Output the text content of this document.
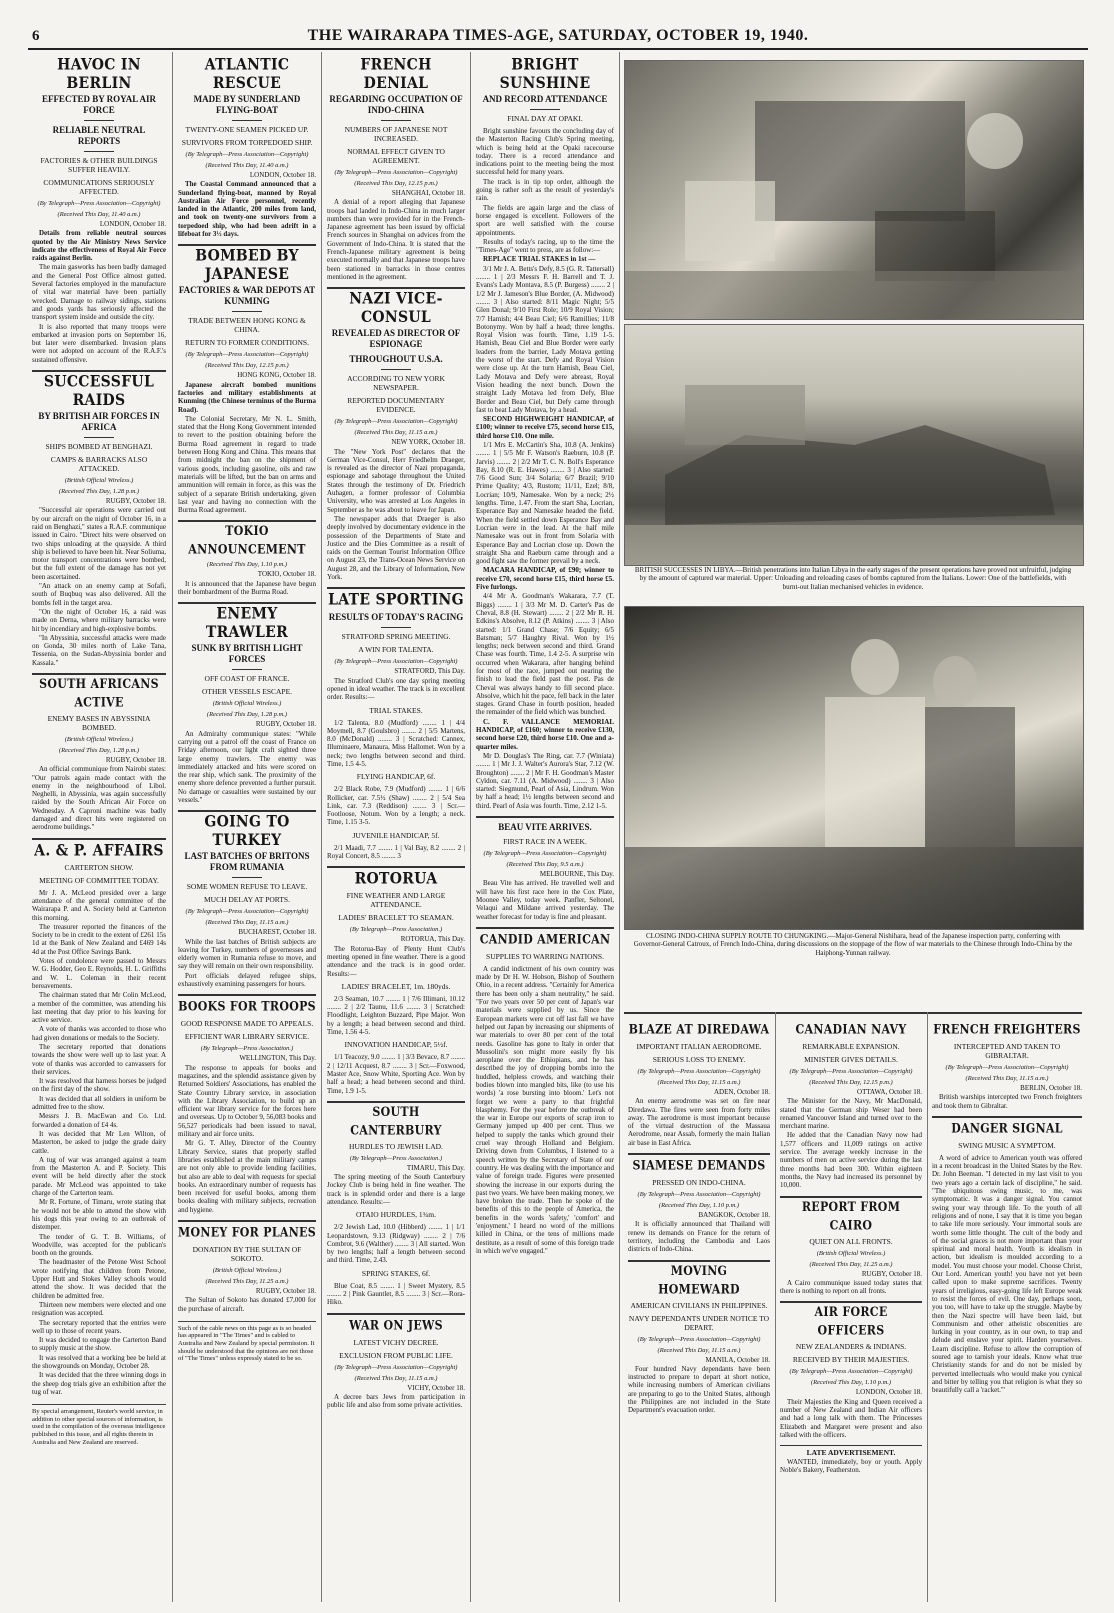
6	THE WAIRARAPA TIMES-AGE, SATURDAY, OCTOBER 19, 1940.
HAVOC IN BERLIN
EFFECTED BY ROYAL AIR FORCE
RELIABLE NEUTRAL REPORTS
FACTORIES & OTHER BUILDINGS SUFFER HEAVILY.
COMMUNICATIONS SERIOUSLY AFFECTED.
(By Telegraph—Press Association—Copyright)
(Received This Day, 11.40 a.m.)
LONDON, October 18.

Details from reliable neutral sources quoted by the Air Ministry News Service indicate the effectiveness of Royal Air Force raids against Berlin.

The main gasworks has been badly damaged and the General Post Office almost gutted. Several factories employed in the manufacture of vital war material have been partially wrecked. Damage to railway sidings, stations and goods yards has seriously affected the transport system inside and outside the city.

It is also reported that many troops were embarked at invasion ports on September 16, but later were disembarked. Invasion plans were not adopted on account of the R.A.F.'s sustained offensive.

SUCCESSFUL RAIDS
BY BRITISH AIR FORCES IN AFRICA
SHIPS BOMBED AT BENGHAZI.
CAMPS & BARRACKS ALSO ATTACKED.
(British Official Wireless.)
(Received This Day, 1.28 p.m.)
RUGBY, October 18.

"Successful air operations were carried out by our aircraft on the night of October 16, in a raid on Benghazi," states a R.A.F. communique issued in Cairo. "Direct hits were observed on two ships unloading at the quayside. A third ship is believed to have been hit. Near Soliuma, motor transport concentrations were bombed, but the full extent of the damage has not yet been ascertained.

"An attack on an enemy camp at Sofafi, south of Buqbuq was also delivered. All the bombs fell in the target area.

"On the night of October 16, a raid was made on Derna, where military barracks were hit by incendiary and high-explosive bombs.

"In Abyssinia, successful attacks were made on Gonda, 30 miles north of Lake Tana, Tessenia, on the Sudan-Abyssinia border and Kassala."

SOUTH AFRICANS ACTIVE
ENEMY BASES IN ABYSSINIA BOMBED.
(British Official Wireless.)
(Received This Day, 1.28 p.m.)
RUGBY, October 18.

An official communique from Nairobi states: "Our patrols again made contact with the enemy in the neighbourhood of Libol. Neghelli, in Abyssinia, was again successfully raided by the South African Air Force on Wednesday. A Caproni machine was badly damaged and direct hits were registered on aerodrome buildings."

A. & P. AFFAIRS
CARTERTON SHOW.
MEETING OF COMMITTEE TODAY.

Mr J. A. McLeod presided over a large attendance of the general committee of the Wairarapa P. and A. Society held at Carterton this morning.

The treasurer reported the finances of the Society to be in credit to the extent of £261 15s 1d at the Bank of New Zealand and £469 14s 4d at the Post Office Savings Bank.

Votes of condolence were passed to Messrs W. G. Hodder, Geo E. Reynolds, H. L. Griffiths and W. L. Coleman in their recent bereavements.

The chairman stated that Mr Colin McLeod, a member of the committee, was attending his last meeting that day prior to his leaving for active service.

A vote of thanks was accorded to those who had given donations or medals to the Society.

The secretary reported that donations towards the show were well up to last year. A vote of thanks was accorded to canvassers for their services.

It was resolved that harness horses be judged on the first day of the show.

It was decided that all soldiers in uniform be admitted free to the show.

Messrs J. B. MacEwan and Co. Ltd. forwarded a donation of £4 4s.

It was decided that Mr Len Wilton, of Masterton, be asked to judge the grade dairy cattle.

A tug of war was arranged against a team from the Masterton A. and P. Society. This event will be held directly after the stock parade. Mr McLeod was appointed to take charge of the Carterton team.

Mr R. Fortune, of Timaru, wrote stating that he would not be able to attend the show with his dogs this year owing to an outbreak of distemper.

The tender of G. T. B. Williams, of Woodville, was accepted for the publican's booth on the grounds.

The headmaster of the Petone West School wrote notifying that children from Petone, Upper Hutt and Stokes Valley schools would attend the show. It was decided that the children be admitted free.

Thirteen new members were elected and one resignation was accepted.

The secretary reported that the entries were well up to those of recent years.

It was decided to engage the Carterton Band to supply music at the show.

It was resolved that a working bee be held at the showgrounds on Monday, October 28.

It was decided that the three winning dogs in the sheep dog trials give an exhibition after the tug of war.

By special arrangement, Reuter's world service, in addition to other special sources of information, is used in the compilation of the overseas intelligence published in this issue, and all rights therein in Australia and New Zealand are reserved.
ATLANTIC RESCUE
MADE BY SUNDERLAND FLYING-BOAT
TWENTY-ONE SEAMEN PICKED UP.
SURVIVORS FROM TORPEDOED SHIP.
(By Telegraph—Press Association—Copyright)
(Received This Day, 11.40 a.m.)
LONDON, October 18.

The Coastal Command announced that a Sunderland flying-boat, manned by Royal Australian Air Force personnel, recently landed in the Atlantic, 200 miles from land, and took on twenty-one survivors from a torpedoed ship, who had been adrift in a lifeboat for 3½ days.

BOMBED BY JAPANESE
FACTORIES & WAR DEPOTS AT KUNMING
TRADE BETWEEN HONG KONG & CHINA.
RETURN TO FORMER CONDITIONS.
(By Telegraph—Press Association—Copyright)
(Received This Day, 12.15 p.m.)
HONG KONG, October 18.

Japanese aircraft bombed munitions factories and military establishments at Kunming (the Chinese terminus of the Burma Road).

The Colonial Secretary, Mr N. L. Smith, stated that the Hong Kong Government intended to revert to the position obtaining before the Burma Road agreement in regard to trade between Hong Kong and China. This means that from midnight the ban on the shipment of various goods, including gasoline, oils and raw materials will be lifted, but the ban on arms and ammunition will remain in force, as this was the subject of a separate British undertaking, given last year and having no connection with the Burma Road agreement.

TOKIO ANNOUNCEMENT
(Received This Day, 1.10 p.m.)
TOKIO, October 18.

It is announced that the Japanese have begun their bombardment of the Burma Road.

ENEMY TRAWLER
SUNK BY BRITISH LIGHT FORCES
OFF COAST OF FRANCE.
OTHER VESSELS ESCAPE.
(British Official Wireless.)
(Received This Day, 1.28 p.m.)
RUGBY, October 18.

An Admiralty communique states: "While carrying out a patrol off the coast of France on Friday afternoon, our light craft sighted three large enemy trawlers. The enemy was immediately attacked and hits were scored on the rear ship, which sank. The proximity of the enemy shore defence prevented a further pursuit. No damage or casualties were sustained by our vessels."

GOING TO TURKEY
LAST BATCHES OF BRITONS FROM RUMANIA
SOME WOMEN REFUSE TO LEAVE.
MUCH DELAY AT PORTS.
(By Telegraph—Press Association—Copyright)
(Received This Day, 11.15 a.m.)
BUCHAREST, October 18.

While the last batches of British subjects are leaving for Turkey, numbers of governesses and elderly women in Rumania refuse to move, and say they will remain on their own responsibility.

Port officials delayed refugee ships, exhaustively examining passengers for hours.

BOOKS FOR TROOPS
GOOD RESPONSE MADE TO APPEALS.
EFFICIENT WAR LIBRARY SERVICE.
(By Telegraph—Press Association.)
WELLINGTON, This Day.

The response to appeals for books and magazines, and the splendid assistance given by Returned Soldiers' Associations, has enabled the State Country Library service, in association with the Library Association, to build up an efficient war library service for the forces here and overseas. Up to October 9, 56,083 books and 56,527 periodicals had been issued to naval, military and air force units.

Mr G. T. Alley, Director of the Country Library Service, states that properly staffed libraries established at the main military camps are not only able to provide lending facilities, but also are able to deal with requests for special books. An extraordinary number of requests has been received for useful books, among them books dealing with military subjects, recreation and hygiene.

MONEY FOR PLANES
DONATION BY THE SULTAN OF SOKOTO.
(British Official Wireless.)
(Received This Day, 11.25 a.m.)
RUGBY, October 18.

The Sultan of Sokoto has donated £7,000 for the purchase of aircraft.

Such of the cable news on this page as is so headed has appeared in "The Times" and is cabled to Australia and New Zealand by special permission. It should be understood that the opinions are not those of "The Times" unless expressly stated to be so.
FRENCH DENIAL
REGARDING OCCUPATION OF INDO-CHINA
NUMBERS OF JAPANESE NOT INCREASED.
NORMAL EFFECT GIVEN TO AGREEMENT.
(By Telegraph—Press Association—Copyright)
(Received This Day, 12.15 p.m.)
SHANGHAI, October 18.

A denial of a report alleging that Japanese troops had landed in Indo-China in much larger numbers than were provided for in the French-Japanese agreement has been issued by official French sources in Shanghai on advices from the Government of Indo-China. It is stated that the French-Japanese military agreement is being executed normally and that Japanese troops have been stationed in barracks in those centres mentioned in the agreement.

NAZI VICE-CONSUL
REVEALED AS DIRECTOR OF ESPIONAGE
THROUGHOUT U.S.A.
ACCORDING TO NEW YORK NEWSPAPER.
REPORTED DOCUMENTARY EVIDENCE.
(By Telegraph—Press Association—Copyright)
(Received This Day, 11.15 a.m.)
NEW YORK, October 18.

The "New York Post" declares that the German Vice-Consul, Herr Friedhelm Draeger, is revealed as the director of Nazi propaganda, espionage and sabotage throughout the United States through the testimony of Dr. Friedrich Auhagen, a former professor of Columbia University, who was arrested at Los Angeles in September as he was about to leave for Japan.

The newspaper adds that Draeger is also deeply involved by documentary evidence in the possession of the Departments of State and Justice and the Dies Committee as a result of raids on the German Tourist Information Office on August 23, the Trans-Ocean News Service on August 28, and the Library of Information, New York.

LATE SPORTING
RESULTS OF TODAY'S RACING
STRATFORD SPRING MEETING.
A WIN FOR TALENTA.
(By Telegraph—Press Association—Copyright)
STRATFORD, This Day.

The Stratford Club's one day spring meeting opened in ideal weather. The track is in excellent order. Results:—

TRIAL STAKES.

1/2 Talenta, 8.0 (Mudford) ........ 1 | 4/4 Moymell, 8.7 (Goulsbro) ........ 2 | 5/5 Martens, 8.0 (McDonald) ........ 3 | Scratched: Cannex, Illuminaere, Manaura, Miss Hallomet. Won by a neck; two lengths between second and third. Time, 1.5 4-5.

FLYING HANDICAP, 6f.

2/2 Black Robe, 7.9 (Mudford) ........ 1 | 6/6 Rollicker, car. 7.5½ (Shaw) ........ 2 | 5/4 Sea Link, car. 7.3 (Reddison) ........ 3 | Scr.—Footloose, Notum. Won by a length; a neck. Time, 1.15 3-5.

JUVENILE HANDICAP, 5f.

2/1 Maadi, 7.7 ........ 1 | Val Bay, 8.2 ........ 2 | Royal Concert, 8.5 ........ 3

ROTORUA
FINE WEATHER AND LARGE ATTENDANCE.
LADIES' BRACELET TO SEAMAN.
(By Telegraph—Press Association.)
ROTORUA, This Day.

The Rotorua-Bay of Plenty Hunt Club's meeting opened in fine weather. There is a good attendance and the track is in good order. Results:—

LADIES' BRACELET, 1m. 180yds.

2/3 Seaman, 10.7 ........ 1 | 7/6 Illimani, 10.12 ........ 2 | 2/2 Taunu, 11.6 ........ 3 | Scratched: Floodlight, Leighton Buzzard, Pipe Major. Won by a length; a head between second and third. Time, 1.56 4-5.

INNOVATION HANDICAP, 5½f.

1/1 Teacozy, 9.0 ........ 1 | 3/3 Bevace, 8.7 ........ 2 | 12/11 Acquest, 8.7 ........ 3 | Scr.—Foxwood, Master Ace, Snow White, Sporting Ace. Won by half a head; a head between second and third. Time, 1.9 1-5.

SOUTH CANTERBURY
HURDLES TO JEWISH LAD.
(By Telegraph—Press Association.)
TIMARU, This Day.

The spring meeting of the South Canterbury Jockey Club is being held in fine weather. The track is in splendid order and there is a large attendance. Results:—

OTAIO HURDLES, 1¾m.

2/2 Jewish Lad, 10.0 (Hibberd) ........ 1 | 1/1 Leopardstown, 9.13 (Ridgway) ........ 2 | 7/6 Combrot, 9.6 (Walther) ........ 3 | All started. Won by two lengths; half a length between second and third. Time, 2.43.

SPRING STAKES, 6f.

Blue Coat, 8.5 ........ 1 | Sweet Mystery, 8.5 ........ 2 | Pink Gauntlet, 8.5 ........ 3 | Scr.—Rora-Hiko.

WAR ON JEWS
LATEST VICHY DECREE.
EXCLUSION FROM PUBLIC LIFE.
(By Telegraph—Press Association—Copyright)
(Received This Day, 11.15 a.m.)
VICHY, October 18.

A decree bars Jews from participation in public life and also from some private activities.

BRIGHT SUNSHINE
AND RECORD ATTENDANCE
FINAL DAY AT OPAKI.

Bright sunshine favours the concluding day of the Masterton Racing Club's Spring meeting, which is being held at the Opaki racecourse today. There is a record attendance and indications point to the meeting being the most successful held for many years.

The track is in tip top order, although the going is rather soft as the result of yesterday's rain.

The fields are again large and the class of horse engaged is excellent. Followers of the sport are well satisfied with the course appointments.

Results of today's racing, up to the time the "Times-Age" went to press, are as follow:—

REPLACE TRIAL STAKES in 1st —

3/1 Mr J. A. Betts's Defy, 8.5 (G. R. Tattersall) ........ 1 | 2/3 Messrs F. H. Barrell and T. J. Evans's Lady Montava, 8.5 (P. Burgess) ........ 2 | 1/2 Mr J. Jameson's Blue Border, (A. Midwood) ........ 3 | Also started: 8/11 Magic Night; 5/5 Glen Donal; 9/10 First Role; 10/9 Royal Vision; 7/7 Hamish; 4/4 Beau Ciel; 6/6 Ramillies; 11/8 Botonymy. Won by half a head; three lengths. Royal Vision was fourth. Time, 1.19 1-5. Hamish, Beau Ciel and Blue Border were early leaders from the barrier, Lady Motava getting the worst of the start. Defy and Royal Vision were close up. At the turn Hamish, Beau Ciel, Lady Motava and Defy were abreast, Royal Vision heading the next bunch. Down the straight Lady Motava led from Defy, Blue Border and Beau Ciel, but Defy came through fast to beat Lady Motava, by a head.

SECOND HIGHWEIGHT HANDICAP, of £100; winner to receive £75, second horse £15, third horse £10. One mile.

1/1 Mrs E. McCartin's Sha, 10.8 (A. Jenkins) ........ 1 | 5/5 Mr F. Watson's Raeburn, 10.8 (P. Jarvis) ........ 2 | 2/2 Mr T. C. N. Boll's Esperance Bay, 8.10 (R. E. Hawes) ........ 3 | Also started: 7/6 Good Sun; 3/4 Solaria; 6/7 Brazil; 9/10 Prime Quality; 4/3, Rustom; 11/11, Ezel; 8/8, Locrian; 10/9, Namesake. Won by a neck; 2½ lengths. Time, 1.47. From the start Sha, Locrian, Esperance Bay and Namesake headed the field. When the field settled down Esperance Bay and Locrian were in the lead. At the half mile Namesake was out in front from Solaria with Esperance Bay and Locrian close up. Down the straight Sha and Raeburn came through and a good fight saw the former prevail by a neck.

MACARA HANDICAP, of £90; winner to receive £70, second horse £15, third horse £5. Five furlongs.

4/4 Mr A. Goodman's Wakarara, 7.7 (T. Biggs) ........ 1 | 3/3 Mr M. D. Carter's Pas de Cheval, 8.8 (H. Stewart) ........ 2 | 2/2 Mr R. H. Edkins's Absolve, 8.12 (P. Atkins) ........ 3 | Also started: 1/1 Grand Chase; 7/6 Equity; 6/5 Batsman; 5/7 Haughty Rival. Won by 1½ lengths; neck between second and third. Grand Chase was fourth. Time, 1.4 2-5. A surprise win occurred when Wakarara, after hanging behind for most of the race, jumped out nearing the finish to lead the field past the post. Pas de Cheval was always handy to fill second place. Absolve, which hit the pace, fell back in the later stages. Grand Chase in fourth position, headed the remainder of the field which was bunched.

C. F. VALLANCE MEMORIAL HANDICAP, of £160; winner to receive £130, second horse £20, third horse £10. One and a-quarter miles.

Mr D. Douglas's The Ring, car. 7.7 (Winiata) ........ 1 | Mr J. J. Walter's Aurora's Star, 7.12 (W. Broughton) ........ 2 | Mr F. H. Goodman's Master Cyldon, car. 7.11 (A. Midwood) ........ 3 | Also started: Siegmund, Pearl of Asia, Lindrum. Won by half a head; 1½ lengths between second and third. Pearl of Asia was fourth. Time, 2.12 1-5.

BEAU VITE ARRIVES.
FIRST RACE IN A WEEK.
(By Telegraph—Press Association—Copyright)
(Received This Day, 9.5 a.m.)
MELBOURNE, This Day.

Beau Vite has arrived. He travelled well and will have his first race here in the Cox Plate, Moonee Valley, today week. Panfler, Seltonel, Velaqui and Mildane arrived yesterday. The weather forecast for today is fine and pleasant.

CANDID AMERICAN
SUPPLIES TO WARRING NATIONS.

A candid indictment of his own country was made by Dr H. W. Hobson, Bishop of Southern Ohio, in a recent address. "Certainly for America there has been only a sham neutrality," he said. "For two years over 50 per cent of Japan's war materials were supplied by us. Since the European markets were cut off last fall we have helped out Japan by increasing our shipments of war materials to over 80 per cent of the total needs. Gasoline has gone to Italy in order that Mussolini's son might more easily fly his aeroplane over the Ethiopians, and he has described the joy of dropping bombs into the huddled, helpless crowds, and watching their bodies blown into mangled bits, like (to use his words) 'a rose bursting into bloom.' Let's not forget we were a party to that frightful blasphemy. For the year before the outbreak of the war in Europe our exports of scrap iron to Germany jumped up 400 per cent. Thus we helped to supply the tanks which ground their cruel way through Holland and Belgium. Driving down from Columbus, I listened to a speech written by the Secretary of State of our country. He was dealing with the importance and value of foreign trade. Figures were presented showing the increase in our exports during the past two years. We have been making money, we have broken the trade. Then he spoke of the benefits of this to the people of America, the benefits in the words 'safety,' 'comfort' and 'enjoyment.' I heard no word of the millions killed in China, or the tens of millions made destitute, as a result of some of this foreign trade in which we've engaged."

BRITISH SUCCESSES IN LIBYA.—British penetrations into Italian Libya in the early stages of the present operations have proved not unfruitful, judging by the amount of captured war material. Upper: Unloading and reloading cases of bombs captured from the Italians. Lower: One of the battlefields, with burnt-out Italian mechanised vehicles in evidence.
CLOSING INDO-CHINA SUPPLY ROUTE TO CHUNGKING.—Major-General Nishihara, head of the Japanese inspection party, conferring with Governor-General Catroux, of French Indo-China, during discussions on the stoppage of the flow of war materials to the Chinese through Indo-China by the Haiphong-Yunnan railway.
BLAZE AT DIREDAWA
IMPORTANT ITALIAN AERODROME.
SERIOUS LOSS TO ENEMY.
(By Telegraph—Press Association—Copyright)
(Received This Day, 11.15 a.m.)
ADEN, October 18.

An enemy aerodrome was set on fire near Diredawa. The fires were seen from forty miles away. The aerodrome is most important because of the virtual destruction of the Massaua Aerodrome, near Assab, formerly the main Italian air base in East Africa.

SIAMESE DEMANDS
PRESSED ON INDO-CHINA.
(By Telegraph—Press Association—Copyright)
(Received This Day, 1.10 p.m.)
BANGKOK, October 18.

It is officially announced that Thailand will renew its demands on France for the return of territory, including the Cambodia and Laos districts of Indo-China.

MOVING HOMEWARD
AMERICAN CIVILIANS IN PHILIPPINES.
NAVY DEPENDANTS UNDER NOTICE TO DEPART.
(By Telegraph—Press Association—Copyright)
(Received This Day, 11.15 a.m.)
MANILA, October 18.

Four hundred Navy dependants have been instructed to prepare to depart at short notice, while increasing numbers of American civilians are preparing to go to the United States, although the Philippines are not included in the State Department's evacuation order.

CANADIAN NAVY
REMARKABLE EXPANSION.
MINISTER GIVES DETAILS.
(By Telegraph—Press Association—Copyright)
(Received This Day, 12.15 p.m.)
OTTAWA, October 18.

The Minister for the Navy, Mr MacDonald, stated that the German ship Weser had been renamed Vancouver Island and turned over to the merchant marine.

He added that the Canadian Navy now had 1,577 officers and 11,009 ratings on active service. The average weekly increase in the numbers of men on active service during the last three months had been 300. Within eighteen months, the Navy had increased its personnel by 10,000.

REPORT FROM CAIRO
QUIET ON ALL FRONTS.
(British Official Wireless.)
(Received This Day, 11.25 a.m.)
RUGBY, October 18.

A Cairo communique issued today states that there is nothing to report on all fronts.

AIR FORCE OFFICERS
NEW ZEALANDERS & INDIANS.
RECEIVED BY THEIR MAJESTIES.
(By Telegraph—Press Association—Copyright)
(Received This Day, 1.10 p.m.)
LONDON, October 18.

Their Majesties the King and Queen received a number of New Zealand and Indian Air officers and had a long talk with them. The Princesses Elizabeth and Margaret were present and also talked with the officers.

LATE ADVERTISEMENT.

WANTED, immediately, boy or youth. Apply Noble's Bakery, Featherston.

FRENCH FREIGHTERS
INTERCEPTED AND TAKEN TO GIBRALTAR.
(By Telegraph—Press Association—Copyright)
(Received This Day, 11.15 a.m.)
BERLIN, October 18.

British warships intercepted two French freighters and took them to Gibraltar.

DANGER SIGNAL
SWING MUSIC A SYMPTOM.

A word of advice to American youth was offered in a recent broadcast in the United States by the Rev. Dr. John Beeman. "I detected in my last visit to you two years ago a certain lack of discipline," he said. "The ubiquitous swing music, to me, was symptomatic. It was a danger signal. You cannot swing your way through life. To the youth of all religions and of none, I say that it is time you began to take life more seriously. Your immortal souls are worth some little thought. The cult of the body and of the social graces is not more important than your spiritual and moral health. Youth is idealism in action, but idealism is moulded according to a model. You must choose your model. Choose Christ, Our Lord. American youth! you have not yet been called upon to make supreme sacrifices. Twenty years of irreligious, easy-going life left Europe weak to resist the forces of evil. One day, perhaps soon, you too, will have to take up the struggle. Maybe by then the Nazi spectre will have been laid, but Communism and other atheistic obscenities are lurking in your country, as in our own, to trap and delude and enslave your spirit. Harden yourselves. Learn discipline. Refuse to allow the corruption of soured age to tarnish your ideals. Know what true Christianity stands for and do not be misled by perverted intellectuals who would make you cynical and bitter by telling you that religion is what they so beautifully call a 'racket.'"
